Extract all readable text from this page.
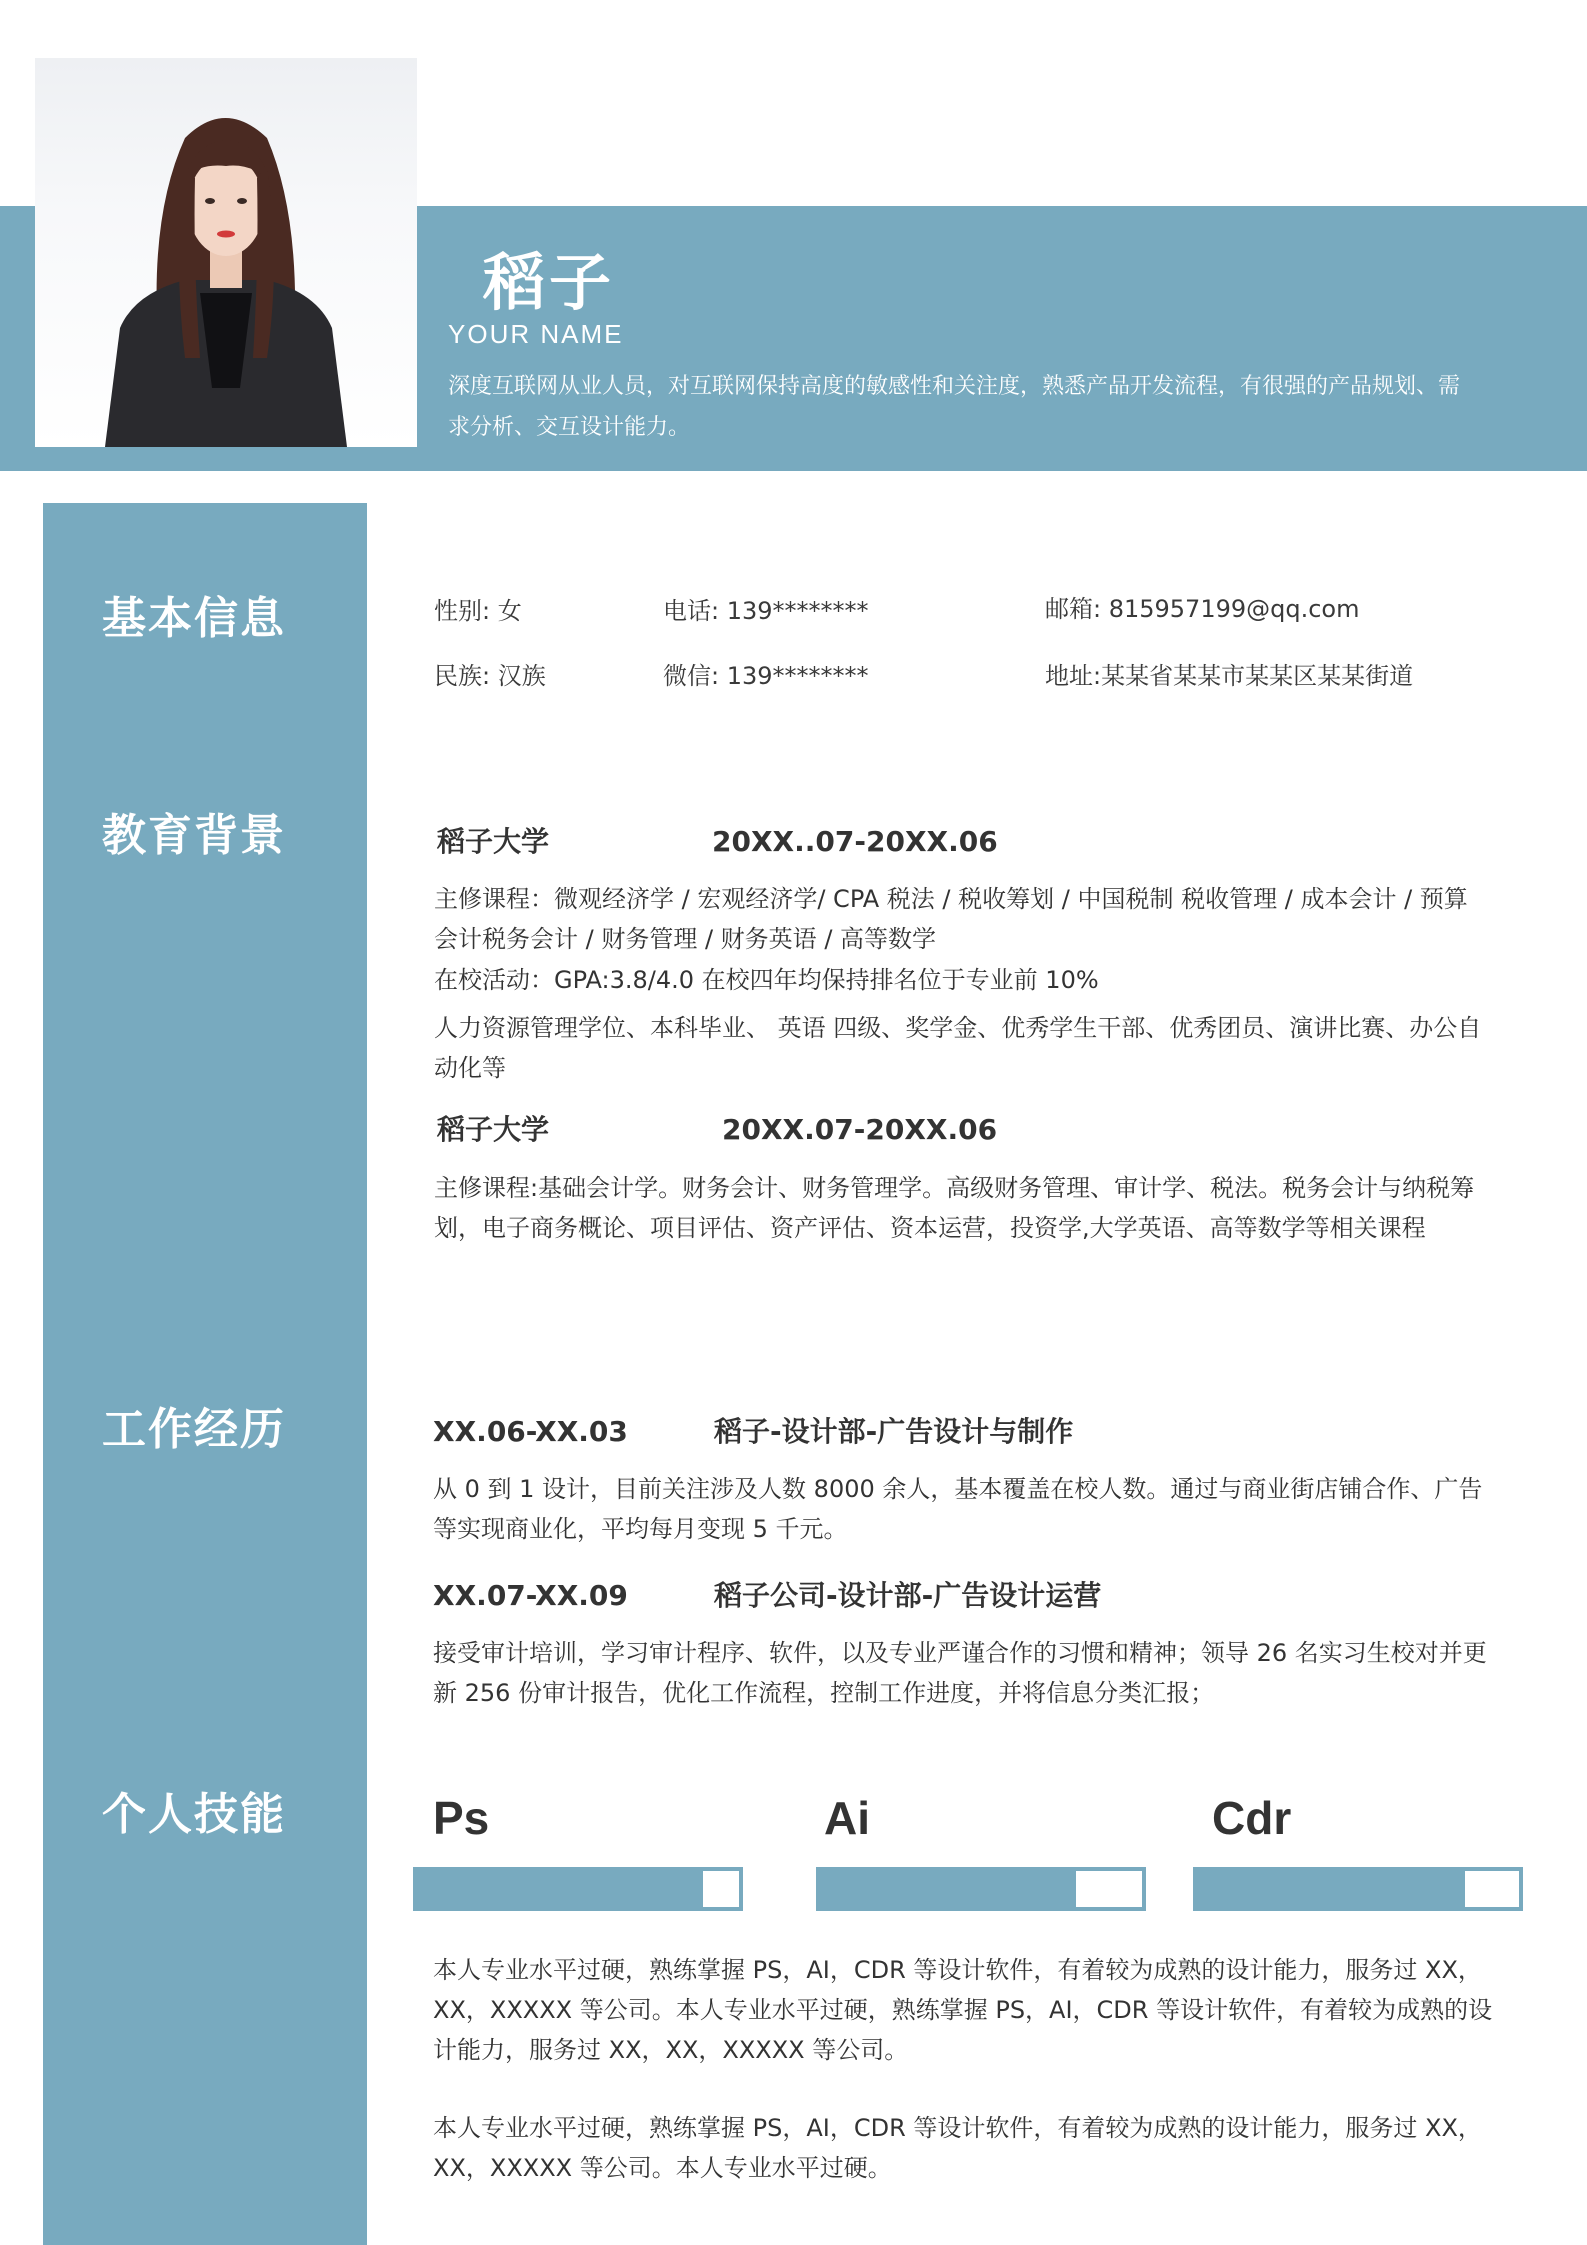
稻子
YOUR NAME
深度互联网从业人员，对互联网保持高度的敏感性和关注度，熟悉产品开发流程，有很强的产品规划、需求分析、交互设计能力。
基本信息
教育背景
工作经历
个人技能
性别: 女	电话: 139********	邮箱: 815957199@qq.com
民族: 汉族	微信: 139********	地址:某某省某某市某某区某某街道
稻子大学	20XX..07-20XX.06
主修课程：微观经济学 / 宏观经济学/ CPA 税法 / 税收筹划 / 中国税制 税收管理 / 成本会计 / 预算会计税务会计 / 财务管理 / 财务英语 / 高等数学
在校活动：GPA:3.8/4.0 在校四年均保持排名位于专业前 10%
人力资源管理学位、本科毕业、 英语 四级、奖学金、优秀学生干部、优秀团员、演讲比赛、办公自动化等
稻子大学	20XX.07-20XX.06
主修课程:基础会计学。财务会计、财务管理学。高级财务管理、审计学、税法。税务会计与纳税筹划，电子商务概论、项目评估、资产评估、资本运营，投资学,大学英语、高等数学等相关课程
XX.06-XX.03	稻子-设计部-广告设计与制作
从 0 到 1 设计，目前关注涉及人数 8000 余人，基本覆盖在校人数。通过与商业街店铺合作、广告等实现商业化，平均每月变现 5 千元。
XX.07-XX.09	稻子公司-设计部-广告设计运营
接受审计培训，学习审计程序、软件，以及专业严谨合作的习惯和精神；领导 26 名实习生校对并更新 256 份审计报告，优化工作流程，控制工作进度，并将信息分类汇报；
Ps	Ai	Cdr
本人专业水平过硬，熟练掌握 PS，AI，CDR 等设计软件，有着较为成熟的设计能力，服务过 XX，XX，XXXXX 等公司。本人专业水平过硬，熟练掌握 PS，AI，CDR 等设计软件，有着较为成熟的设计能力，服务过 XX，XX，XXXXX 等公司。
本人专业水平过硬，熟练掌握 PS，AI，CDR 等设计软件，有着较为成熟的设计能力，服务过 XX，XX，XXXXX 等公司。本人专业水平过硬。
